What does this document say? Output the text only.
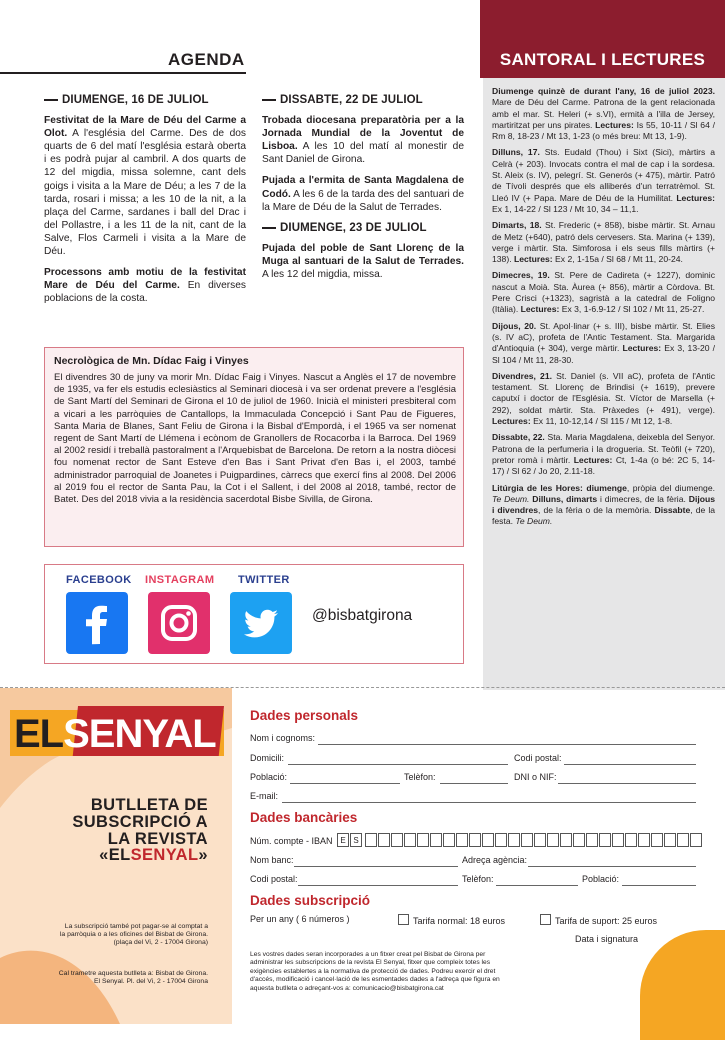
AGENDA	SANTORAL I LECTURES
DIUMENGE, 16 DE JULIOL

Festivitat de la Mare de Déu del Carme a Olot. A l'església del Carme. Des de dos quarts de 6 del matí l'església estarà oberta i es podrà pujar al cambril. A dos quarts de 12 del migdia, missa solemne, cant dels goigs i visita a la Mare de Déu; a les 7 de la tarda, rosari i missa; a les 10 de la nit, a la plaça del Carme, sardanes i ball del Drac i del Pollastre, i a les 11 de la nit, cant de la Salve, Flos Carmeli i visita a la Mare de Déu.

Processons amb motiu de la festivitat Mare de Déu del Carme. En diverses poblacions de la costa.

DISSABTE, 22 DE JULIOL

Trobada diocesana preparatòria per a la Jornada Mundial de la Joventut de Lisboa. A les 10 del matí al monestir de Sant Daniel de Girona.

Pujada a l'ermita de Santa Magdalena de Codó. A les 6 de la tarda des del santuari de la Mare de Déu de la Salut de Terrades.

DIUMENGE, 23 DE JULIOL

Pujada del poble de Sant Llorenç de la Muga al santuari de la Salut de Terrades. A les 12 del migdia, missa.

Diumenge quinzè de durant l'any, 16 de juliol 2023. Mare de Déu del Carme. Patrona de la gent relacionada amb el mar. St. Heleri (+ s.VI), ermità a l'illa de Jersey, martiritzat per uns pirates. Lectures: Is 55, 10-11 / Sl 64 / Rm 8, 18-23 / Mt 13, 1-23 (o més breu: Mt 13, 1-9).

Dilluns, 17. Sts. Eudald (Thou) i Sixt (Sici), màrtirs a Celrà (+ 203). Invocats contra el mal de cap i la sordesa. St. Aleix (s. IV), pelegrí. St. Generós (+ 475), màrtir. Patró de Tívoli després que els alliberés d'un terratrèmol. St. Lleó IV (+ Papa. Mare de Déu de la Humilitat. Lectures: Ex 1, 14-22 / Sl 123 / Mt 10, 34 – 11,1.

Dimarts, 18. St. Frederic (+ 858), bisbe màrtir. St. Arnau de Metz (+640), patró dels cervesers. Sta. Marina (+ 139), verge i màrtir. Sta. Simforosa i els seus fills màrtirs (+ 138). Lectures: Ex 2, 1-15a / Sl 68 / Mt 11, 20-24.

Dimecres, 19. St. Pere de Cadireta (+ 1227), dominic nascut a Moià. Sta. Àurea (+ 856), màrtir a Còrdova. Bt. Pere Crisci (+1323), sagristà a la catedral de Foligno (Itàlia). Lectures: Ex 3, 1-6.9-12 / Sl 102 / Mt 11, 25-27.

Dijous, 20. St. Apol·linar (+ s. III), bisbe màrtir. St. Elies (s. IV aC), profeta de l'Antic Testament. Sta. Margarida d'Antioquia (+ 304), verge màrtir. Lectures: Ex 3, 13-20 / Sl 104 / Mt 11, 28-30.

Divendres, 21. St. Daniel (s. VII aC), profeta de l'Antic testament. St. Llorenç de Brindisi (+ 1619), prevere caputxí i doctor de l'Església. St. Víctor de Marsella (+ 292), soldat màrtir. Sta. Pràxedes (+ 491), verge). Lectures: Ex 11, 10-12,14 / Sl 115 / Mt 12, 1-8.

Dissabte, 22. Sta. Maria Magdalena, deixebla del Senyor. Patrona de la perfumeria i la drogueria. St. Teòfil (+ 720), pretor romà i màrtir. Lectures: Ct, 1-4a (o bé: 2C 5, 14-17) / Sl 62 / Jo 20, 2.11-18.

Litúrgia de les Hores: diumenge, pròpia del diumenge. Te Deum. Dilluns, dimarts i dimecres, de la fèria. Dijous i divendres, de la fèria o de la memòria. Dissabte, de la festa. Te Deum.

Necrològica de Mn. Dídac Faig i Vinyes
El divendres 30 de juny va morir Mn. Dídac Faig i Vinyes. Nascut a Anglès el 17 de novembre de 1935, va fer els estudis eclesiàstics al Seminari diocesà i va ser ordenat prevere a l'església de Sant Martí del Seminari de Girona el 10 de juliol de 1960. Inicià el ministeri presbiteral com a vicari a les parròquies de Cantallops, la Immaculada Concepció i Sant Pau de Figueres, Santa Maria de Blanes, Sant Feliu de Girona i la Bisbal d'Empordà, i el 1965 va ser nomenat regent de Sant Martí de Llémena i ecònom de Granollers de Rocacorba i la Barroca. Del 1969 al 2002 residí i treballà pastoralment a l'Arquebisbat de Barcelona. De retorn a la nostra diòcesi fou nomenat rector de Sant Esteve d'en Bas i Sant Privat d'en Bas i, el 2003, també administrador parroquial de Joanetes i Puigpardines, càrrecs que exercí fins al 2008. Del 2006 al 2019 fou el rector de Santa Pau, la Cot i el Sallent, i del 2008 al 2018, també, rector de Batet. Des del 2018 vivia a la residència sacerdotal Bisbe Sivilla, de Girona.
FACEBOOK INSTAGRAM TWITTER
@bisbatgirona
ELSENYAL
BUTLLETA DE
SUBSCRIPCIÓ A
LA REVISTA
«ELSENYAL»
La subscripció també pot pagar-se al comptat a la parròquia o a les oficines del Bisbat de Girona. (plaça del Vi, 2 - 17004 Girona)
Cal trametre aquesta butlleta a: Bisbat de Girona. El Senyal. Pl. del Vi, 2 - 17004 Girona
Dades personals
Nom i cognoms:
Domicili:	Codi postal:
Població:	Telèfon:	DNI o NIF:
E-mail:
Dades bancàries
Núm. compte - IBAN E S
Nom banc:	Adreça agència:
Codi postal:	Telèfon:	Població:
Dades subscripció
Per un any ( 6 números )	Tarifa normal: 18 euros	Tarifa de suport: 25 euros
Data i signatura
Les vostres dades seran incorporades a un fitxer creat pel Bisbat de Girona per administrar les subscripcions de la revista El Senyal, fitxer que compleix totes les exigències establertes a la normativa de protecció de dades. Podreu exercir el dret d'accés, modificació i cancel·lació de les esmentades dades a l'adreça que figura en aquesta butlleta o adreçant-vos a: comunicacio@bisbatgirona.cat
